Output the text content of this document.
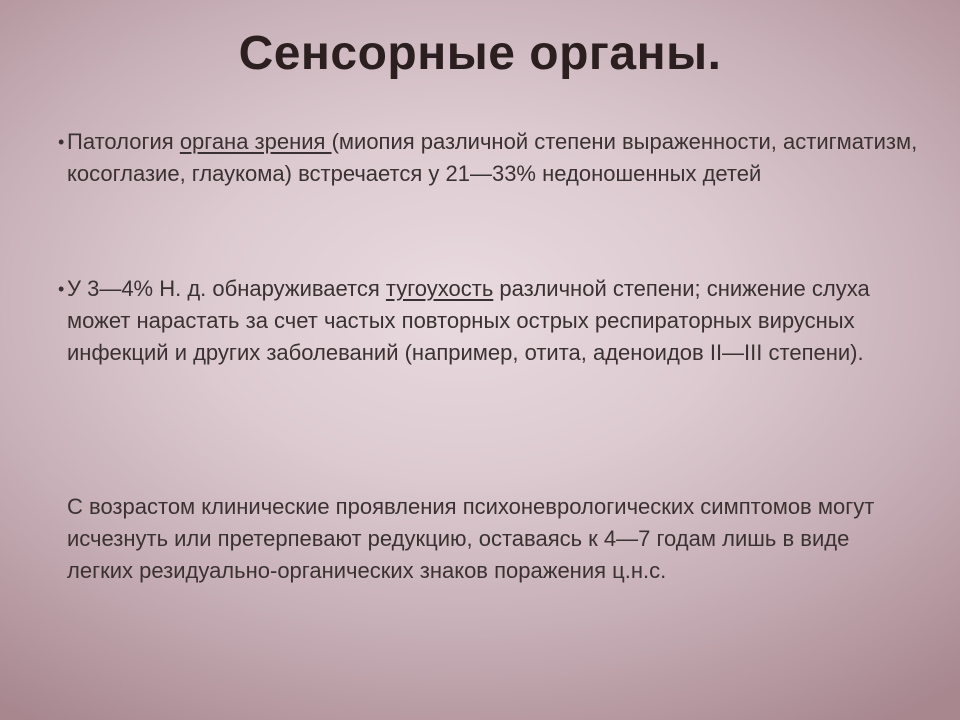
Сенсорные органы.

• Патология органа зрения (миопия различной степени выраженности, астигматизм, косоглазие, глаукома) встречается у 21—33% недоношенных детей

• У 3—4% Н. д. обнаруживается тугоухость различной степени; снижение слуха может нарастать за счет частых повторных острых респираторных вирусных инфекций и других заболеваний (например, отита, аденоидов II—III степени).

С возрастом клинические проявления психоневрологических симптомов могут исчезнуть или претерпевают редукцию, оставаясь к 4—7 годам лишь в виде легких резидуально-органических знаков поражения ц.н.с.
